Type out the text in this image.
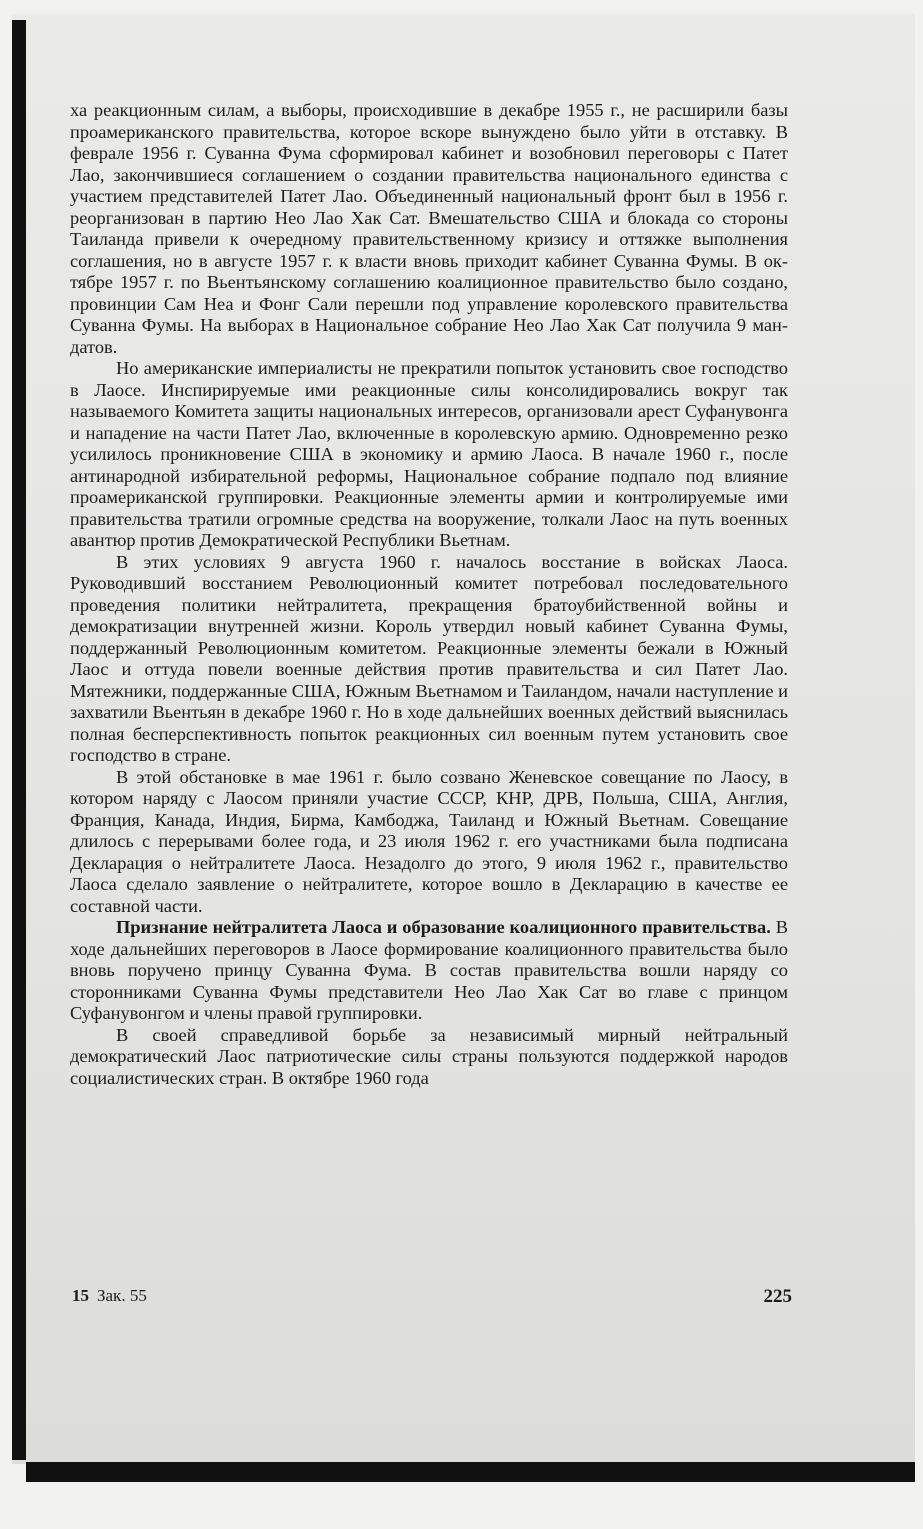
ха реакционным силам, а выборы, происходившие в декабре 1955 г., не расширили базы проамериканского правительства, которое вскоре вынуждено было уйти в отставку. В феврале 1956 г. Суванна Фума сформировал кабинет и возобновил переговоры с Патет Лао, закончившиеся соглашением о создании правительства национального единства с участием представителей Патет Лао. Объединенный национальный фронт был в 1956 г. реорганизован в партию Нео Лао Хак Сат. Вмешательство США и блокада со стороны Таиланда привели к очередному правительственному кризису и оттяжке выполнения соглашения, но в августе 1957 г. к власти вновь приходит кабинет Суванна Фумы. В октябре 1957 г. по Вьентьянскому соглашению коалиционное правительство было создано, провинции Сам Неа и Фонг Сали перешли под управление королевского правительства Суванна Фумы. На выборах в Национальное собрание Нео Лао Хак Сат получила 9 мандатов.

Но американские империалисты не прекратили попыток установить свое господство в Лаосе. Инспирируемые ими реакционные силы консолидировались вокруг так называемого Комитета защиты национальных интересов, организовали арест Суфанувонга и нападение на части Патет Лао, включенные в королевскую армию. Одновременно резко усилилось проникновение США в экономику и армию Лаоса. В начале 1960 г., после антинародной избирательной реформы, Национальное собрание подпало под влияние проамериканской группировки. Реакционные элементы армии и контролируемые ими правительства тратили огромные средства на вооружение, толкали Лаос на путь военных авантюр против Демократической Республики Вьетнам.

В этих условиях 9 августа 1960 г. началось восстание в войсках Лаоса. Руководивший восстанием Революционный комитет потребовал последовательного проведения политики нейтралитета, прекращения братоубийственной войны и демократизации внутренней жизни. Король утвердил новый кабинет Суванна Фумы, поддержанный Революционным комитетом. Реакционные элементы бежали в Южный Лаос и оттуда повели военные действия против правительства и сил Патет Лао. Мятежники, поддержанные США, Южным Вьетнамом и Таиландом, начали наступление и захватили Вьентьян в декабре 1960 г. Но в ходе дальнейших военных действий выяснилась полная бесперспективность попыток реакционных сил военным путем установить свое господство в стране.

В этой обстановке в мае 1961 г. было созвано Женевское совещание по Лаосу, в котором наряду с Лаосом приняли участие СССР, КНР, ДРВ, Польша, США, Англия, Франция, Канада, Индия, Бирма, Камбоджа, Таиланд и Южный Вьетнам. Совещание длилось с перерывами более года, и 23 июля 1962 г. его участниками была подписана Декларация о нейтралитете Лаоса. Незадолго до этого, 9 июля 1962 г., правительство Лаоса сделало заявление о нейтралитете, которое вошло в Декларацию в качестве ее составной части.

Признание нейтралитета Лаоса и образование коалиционного правительства. В ходе дальнейших переговоров в Лаосе формирование коалиционного правительства было вновь поручено принцу Суванна Фума. В состав правительства вошли наряду со сторонниками Суванна Фумы представители Нео Лао Хак Сат во главе с принцом Суфанувонгом и члены правой группировки.

В своей справедливой борьбе за независимый мирный нейтральный демократический Лаос патриотические силы страны пользуются поддержкой народов социалистических стран. В октябре 1960 года

15 Зак. 55	225
